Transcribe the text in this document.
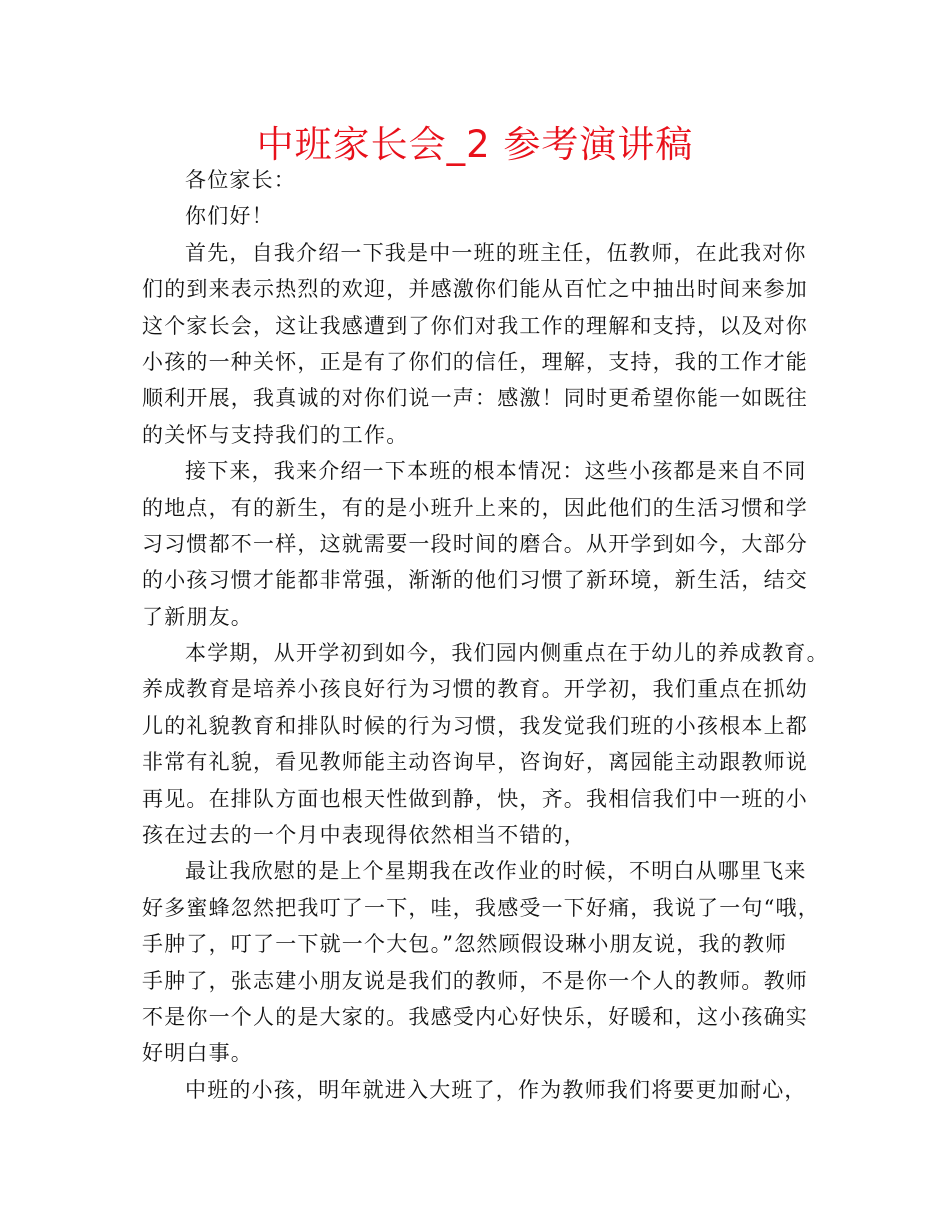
中班家长会_2 参考演讲稿
各位家长：
你们好！
首先，自我介绍一下我是中一班的班主任，伍教师，在此我对你
们的到来表示热烈的欢迎，并感激你们能从百忙之中抽出时间来参加
这个家长会，这让我感遭到了你们对我工作的理解和支持，以及对你
小孩的一种关怀，正是有了你们的信任，理解，支持，我的工作才能
顺利开展，我真诚的对你们说一声：感激！同时更希望你能一如既往
的关怀与支持我们的工作。
接下来，我来介绍一下本班的根本情况：这些小孩都是来自不同
的地点，有的新生，有的是小班升上来的，因此他们的生活习惯和学
习习惯都不一样，这就需要一段时间的磨合。从开学到如今，大部分
的小孩习惯才能都非常强，渐渐的他们习惯了新环境，新生活，结交
了新朋友。
本学期，从开学初到如今，我们园内侧重点在于幼儿的养成教育。
养成教育是培养小孩良好行为习惯的教育。开学初，我们重点在抓幼
儿的礼貌教育和排队时候的行为习惯，我发觉我们班的小孩根本上都
非常有礼貌，看见教师能主动咨询早，咨询好，离园能主动跟教师说
再见。在排队方面也根天性做到静，快，齐。我相信我们中一班的小
孩在过去的一个月中表现得依然相当不错的，
最让我欣慰的是上个星期我在改作业的时候，不明白从哪里飞来
好多蜜蜂忽然把我叮了一下，哇，我感受一下好痛，我说了一句“哦，
手肿了，叮了一下就一个大包。”忽然顾假设琳小朋友说，我的教师
手肿了，张志建小朋友说是我们的教师，不是你一个人的教师。教师
不是你一个人的是大家的。我感受内心好快乐，好暖和，这小孩确实
好明白事。
中班的小孩，明年就进入大班了，作为教师我们将要更加耐心，
